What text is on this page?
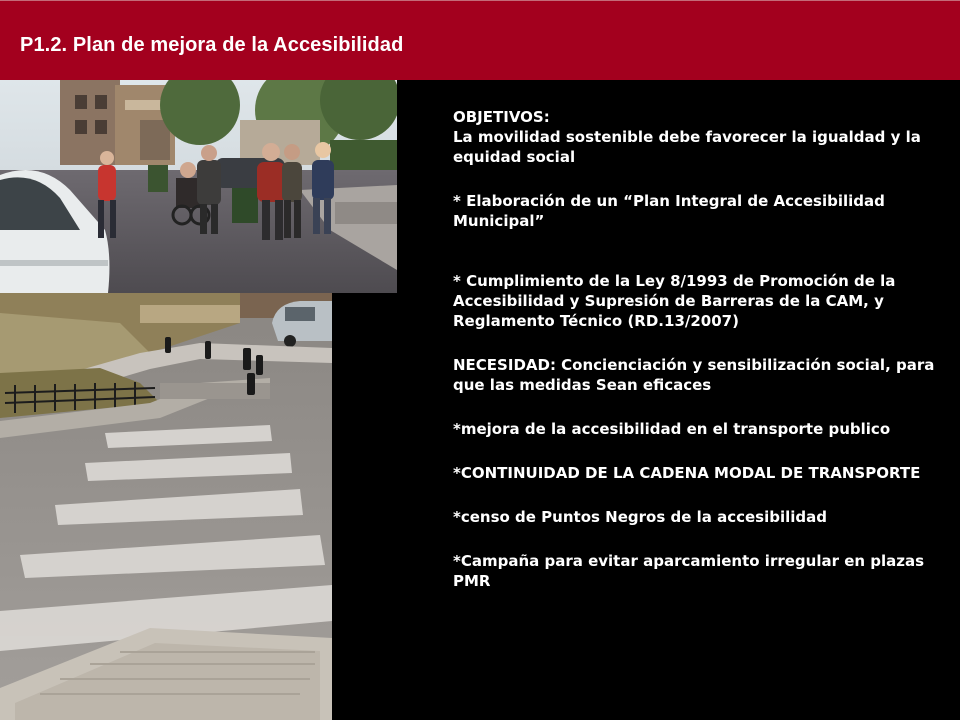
P1.2. Plan de mejora de la Accesibilidad

OBJETIVOS:

La movilidad sostenible debe favorecer la igualdad y la equidad social

* Elaboración de un “Plan Integral de Accesibilidad Municipal”

* Cumplimiento de la Ley 8/1993 de Promoción de la Accesibilidad y Supresión de Barreras de la CAM, y Reglamento Técnico (RD.13/2007)

NECESIDAD: Concienciación y sensibilización social, para que las medidas Sean eficaces

*mejora de la accesibilidad en el transporte publico

*CONTINUIDAD DE LA CADENA MODAL DE TRANSPORTE

*censo de Puntos Negros de la accesibilidad

*Campaña para evitar aparcamiento irregular en plazas PMR
